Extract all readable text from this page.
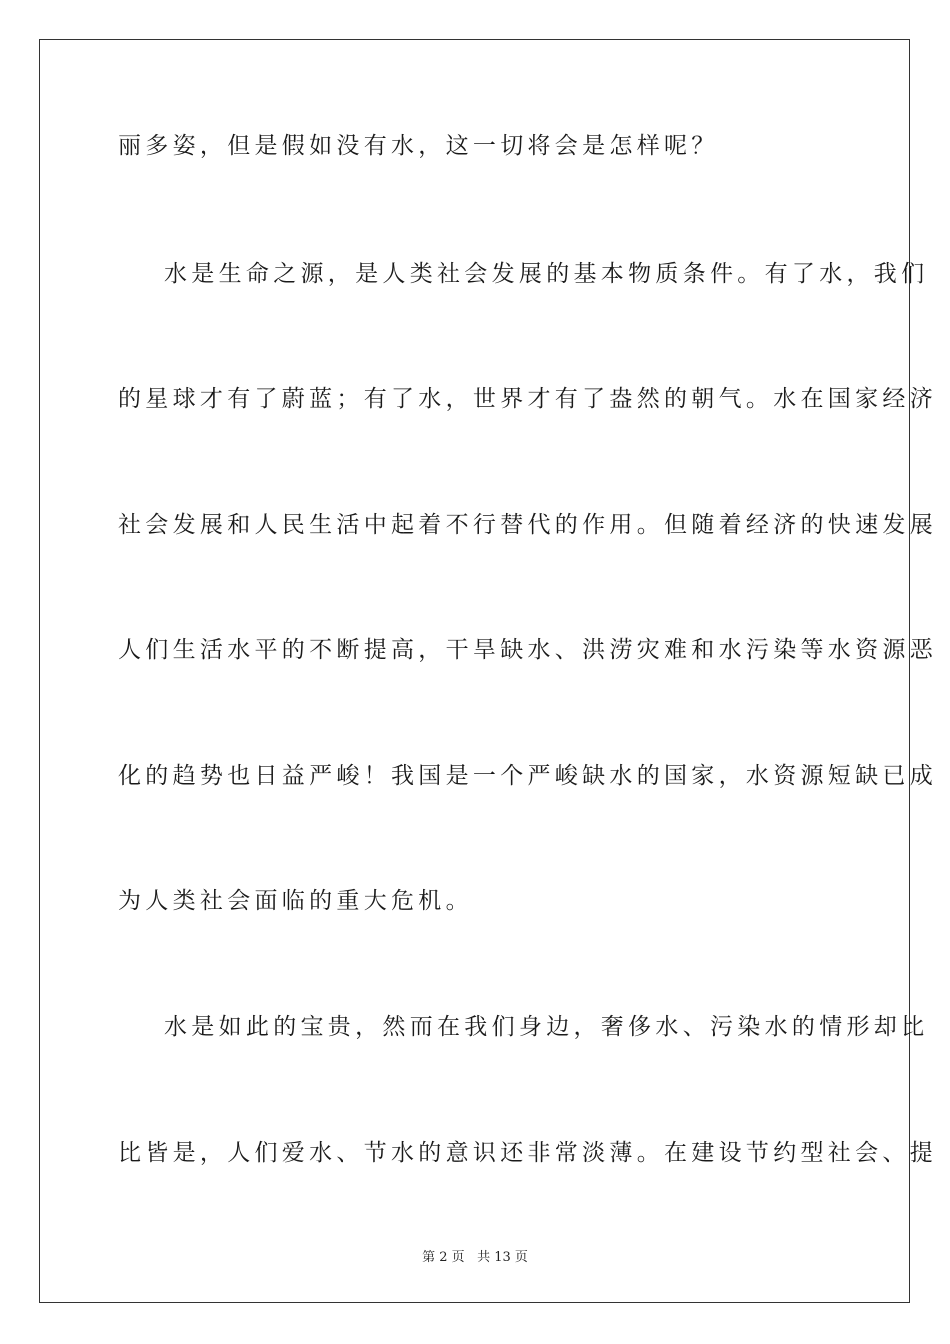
丽多姿，但是假如没有水，这一切将会是怎样呢？
水是生命之源，是人类社会发展的基本物质条件。有了水，我们
的星球才有了蔚蓝；有了水，世界才有了盎然的朝气。水在国家经济
社会发展和人民生活中起着不行替代的作用。但随着经济的快速发展
人们生活水平的不断提高，干旱缺水、洪涝灾难和水污染等水资源恶
化的趋势也日益严峻！我国是一个严峻缺水的国家，水资源短缺已成
为人类社会面临的重大危机。
水是如此的宝贵，然而在我们身边，奢侈水、污染水的情形却比
比皆是，人们爱水、节水的意识还非常淡薄。在建设节约型社会、提
第 2 页 共 13 页
